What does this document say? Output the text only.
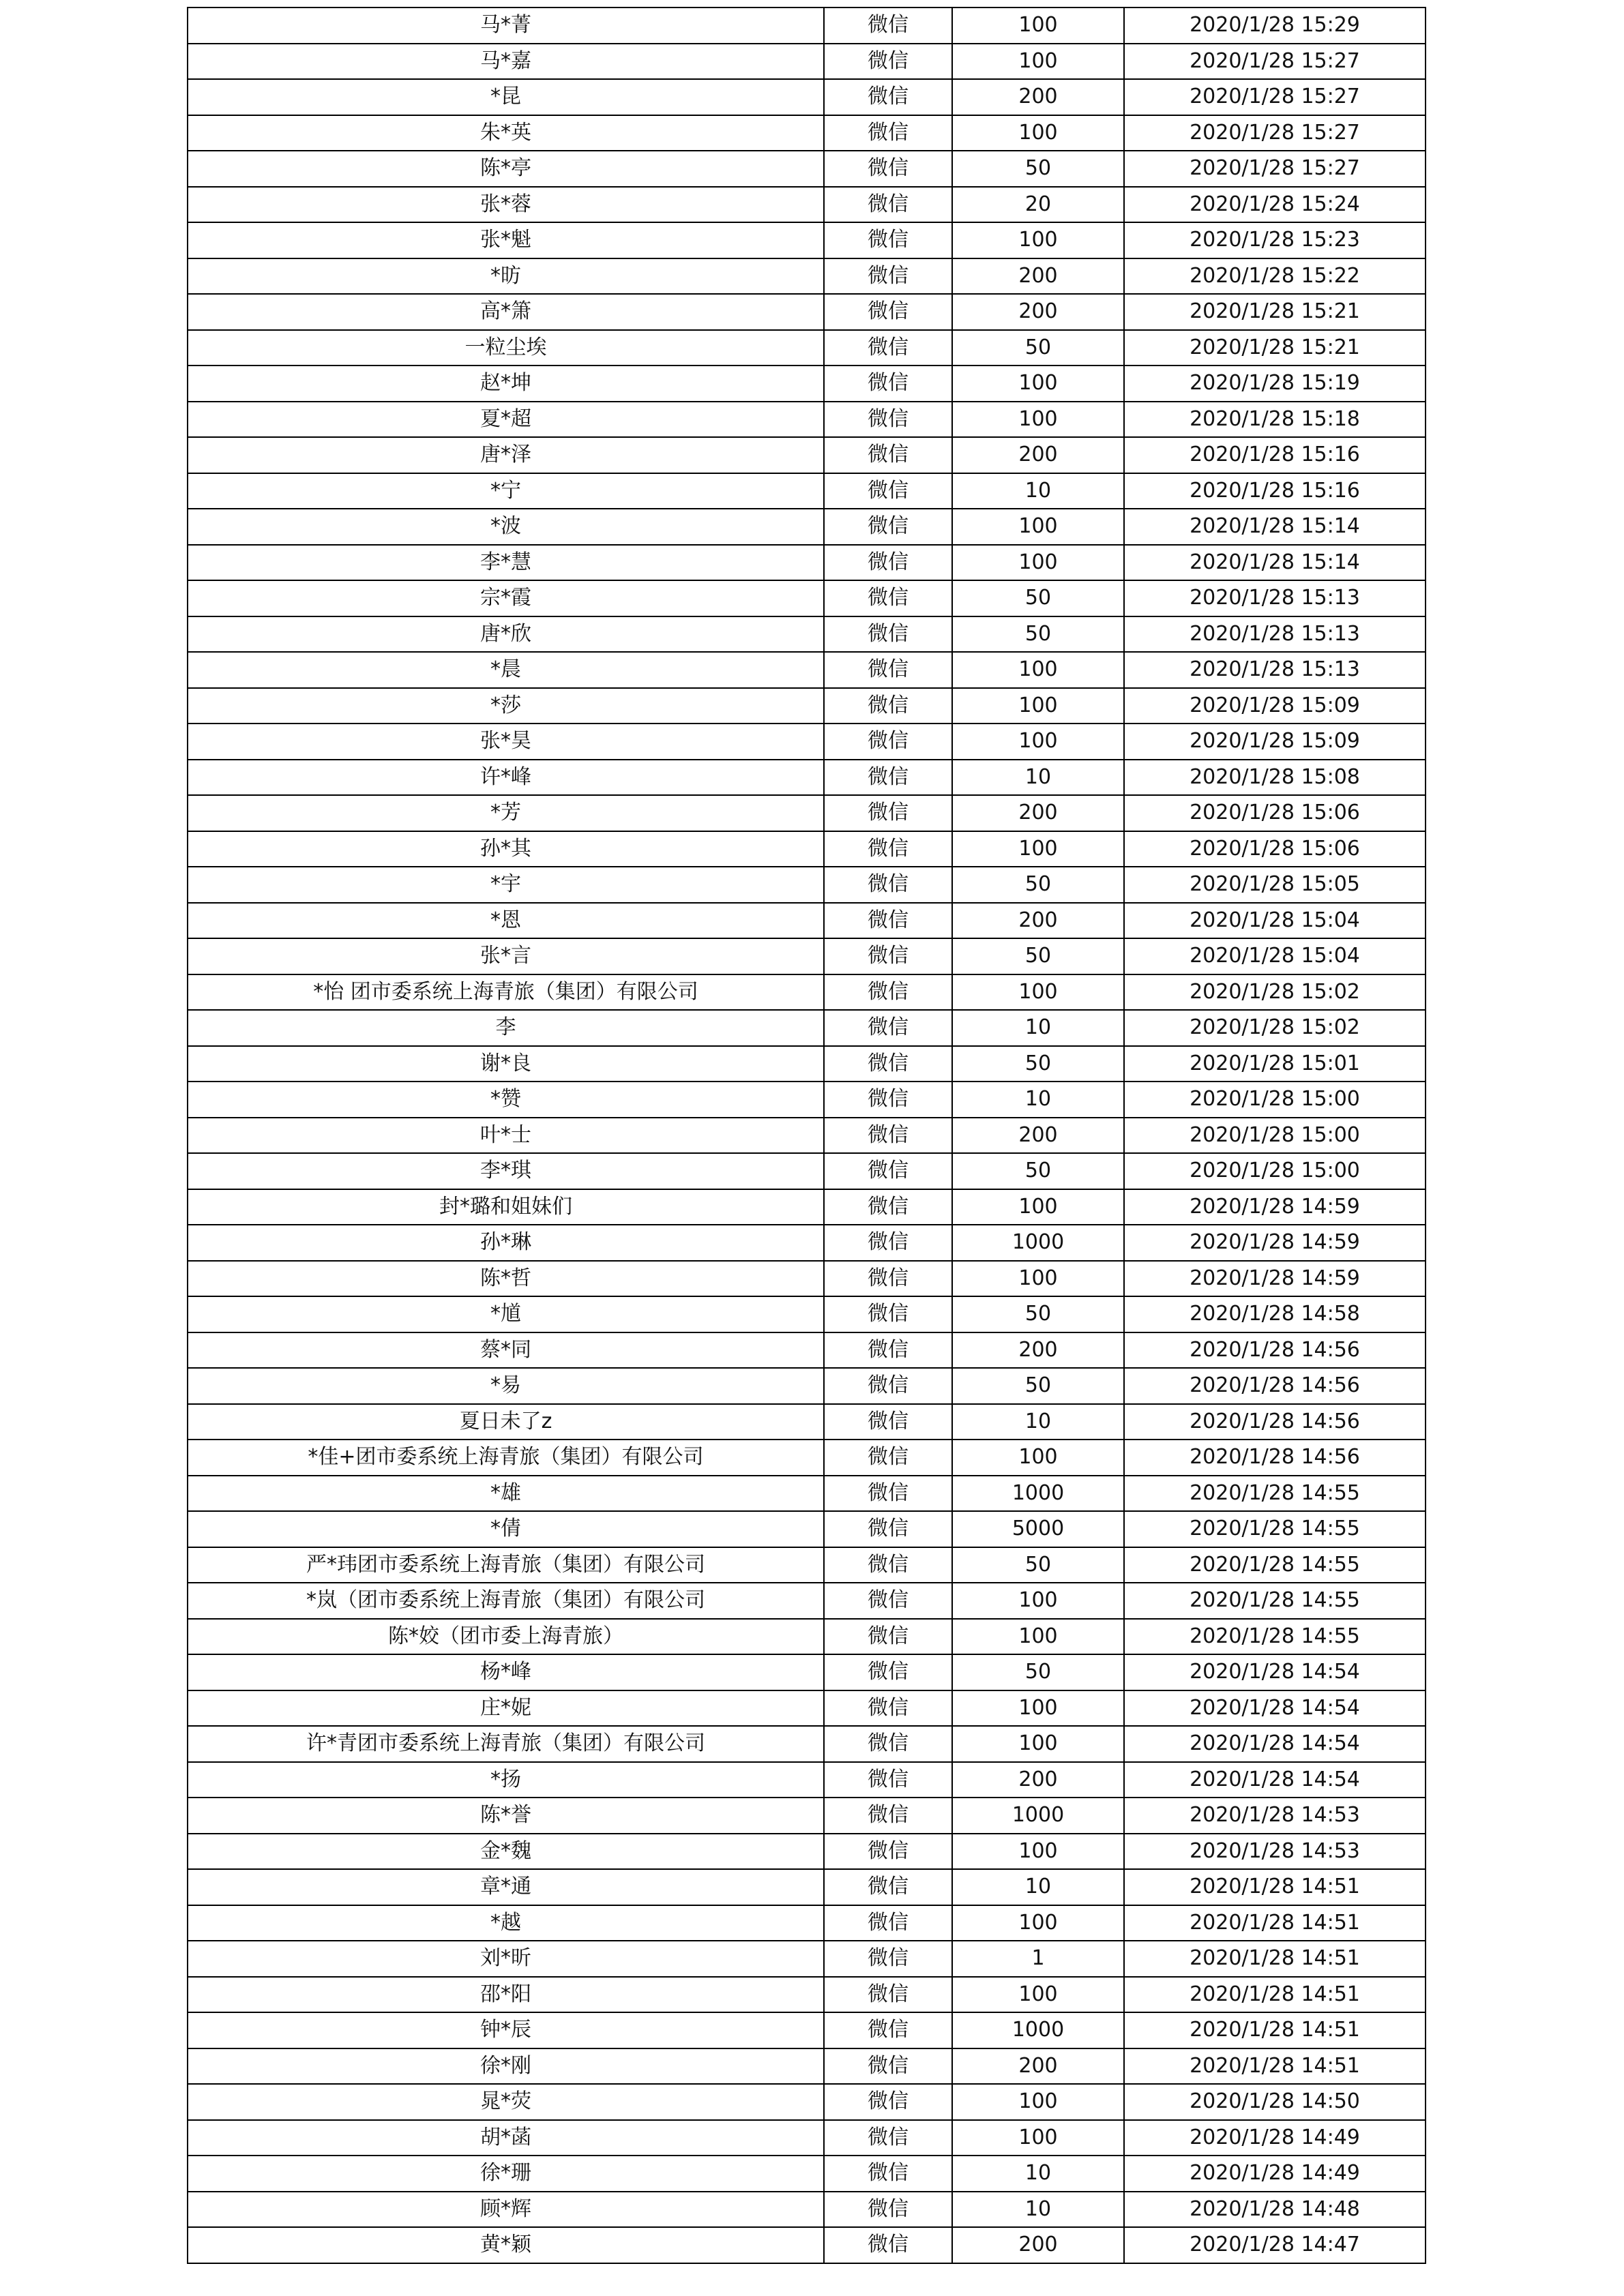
马*菁	微信	100	2020/1/28 15:29
马*嘉	微信	100	2020/1/28 15:27
*昆	微信	200	2020/1/28 15:27
朱*英	微信	100	2020/1/28 15:27
陈*亭	微信	50	2020/1/28 15:27
张*蓉	微信	20	2020/1/28 15:24
张*魁	微信	100	2020/1/28 15:23
*昉	微信	200	2020/1/28 15:22
高*箫	微信	200	2020/1/28 15:21
一粒尘埃	微信	50	2020/1/28 15:21
赵*坤	微信	100	2020/1/28 15:19
夏*超	微信	100	2020/1/28 15:18
唐*泽	微信	200	2020/1/28 15:16
*宁	微信	10	2020/1/28 15:16
*波	微信	100	2020/1/28 15:14
李*慧	微信	100	2020/1/28 15:14
宗*霞	微信	50	2020/1/28 15:13
唐*欣	微信	50	2020/1/28 15:13
*晨	微信	100	2020/1/28 15:13
*莎	微信	100	2020/1/28 15:09
张*昊	微信	100	2020/1/28 15:09
许*峰	微信	10	2020/1/28 15:08
*芳	微信	200	2020/1/28 15:06
孙*其	微信	100	2020/1/28 15:06
*宇	微信	50	2020/1/28 15:05
*恩	微信	200	2020/1/28 15:04
张*言	微信	50	2020/1/28 15:04
*怡 团市委系统上海青旅（集团）有限公司	微信	100	2020/1/28 15:02
李	微信	10	2020/1/28 15:02
谢*良	微信	50	2020/1/28 15:01
*赞	微信	10	2020/1/28 15:00
叶*士	微信	200	2020/1/28 15:00
李*琪	微信	50	2020/1/28 15:00
封*璐和姐妹们	微信	100	2020/1/28 14:59
孙*琳	微信	1000	2020/1/28 14:59
陈*哲	微信	100	2020/1/28 14:59
*馗	微信	50	2020/1/28 14:58
蔡*同	微信	200	2020/1/28 14:56
*易	微信	50	2020/1/28 14:56
夏日未了z	微信	10	2020/1/28 14:56
*佳+团市委系统上海青旅（集团）有限公司	微信	100	2020/1/28 14:56
*雄	微信	1000	2020/1/28 14:55
*倩	微信	5000	2020/1/28 14:55
严*玮团市委系统上海青旅（集团）有限公司	微信	50	2020/1/28 14:55
*岚（团市委系统上海青旅（集团）有限公司	微信	100	2020/1/28 14:55
陈*姣（团市委上海青旅）	微信	100	2020/1/28 14:55
杨*峰	微信	50	2020/1/28 14:54
庄*妮	微信	100	2020/1/28 14:54
许*青团市委系统上海青旅（集团）有限公司	微信	100	2020/1/28 14:54
*扬	微信	200	2020/1/28 14:54
陈*誉	微信	1000	2020/1/28 14:53
金*魏	微信	100	2020/1/28 14:53
章*通	微信	10	2020/1/28 14:51
*越	微信	100	2020/1/28 14:51
刘*昕	微信	1	2020/1/28 14:51
邵*阳	微信	100	2020/1/28 14:51
钟*辰	微信	1000	2020/1/28 14:51
徐*刚	微信	200	2020/1/28 14:51
晁*荧	微信	100	2020/1/28 14:50
胡*菡	微信	100	2020/1/28 14:49
徐*珊	微信	10	2020/1/28 14:49
顾*辉	微信	10	2020/1/28 14:48
黄*颖	微信	200	2020/1/28 14:47
